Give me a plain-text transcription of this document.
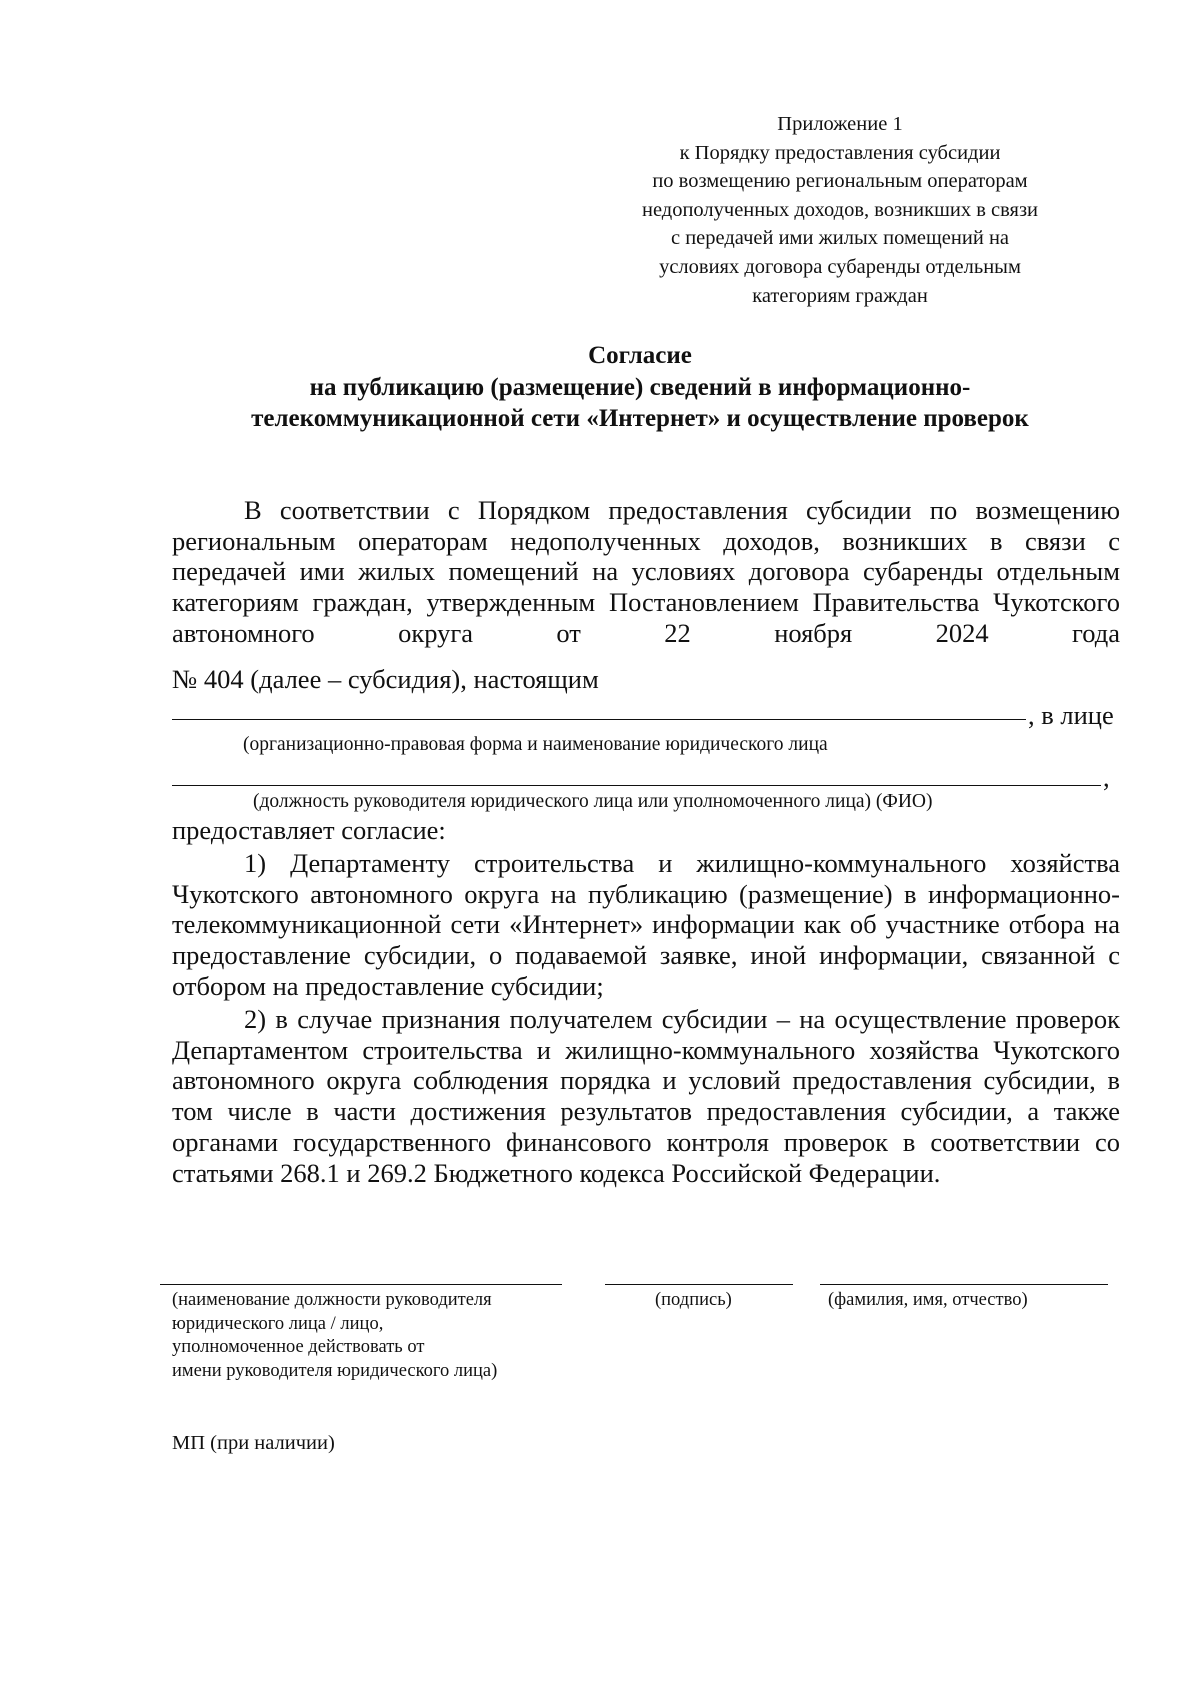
Приложение 1
к Порядку предоставления субсидии
по возмещению региональным операторам
недополученных доходов, возникших в связи
с передачей ими жилых помещений на
условиях договора субаренды отдельным
категориям граждан
Согласие
на публикацию (размещение) сведений в информационно-
телекоммуникационной сети «Интернет» и осуществление проверок
В соответствии с Порядком предоставления субсидии по возмещению региональным операторам недополученных доходов, возникших в связи с передачей ими жилых помещений на условиях договора субаренды отдельным категориям граждан, утвержденным Постановлением Правительства Чукотского автономного округа от 22 ноября 2024 года
№ 404 (далее – субсидия), настоящим
, в лице
(организационно-правовая форма и наименование юридического лица
,
(должность руководителя юридического лица или уполномоченного лица) (ФИО)
предоставляет согласие:
1) Департаменту строительства и жилищно-коммунального хозяйства Чукотского автономного округа на публикацию (размещение) в информационно-телекоммуникационной сети «Интернет» информации как об участнике отбора на предоставление субсидии, о подаваемой заявке, иной информации, связанной с отбором на предоставление субсидии;
2) в случае признания получателем субсидии – на осуществление проверок Департаментом строительства и жилищно-коммунального хозяйства Чукотского автономного округа соблюдения порядка и условий предоставления субсидии, в том числе в части достижения результатов предоставления субсидии, а также органами государственного финансового контроля проверок в соответствии со статьями 268.1 и 269.2 Бюджетного кодекса Российской Федерации.
(наименование должности руководителя
юридического лица / лицо,
уполномоченное действовать от
имени руководителя юридического лица)
(подпись)	(фамилия, имя, отчество)
МП (при наличии)
